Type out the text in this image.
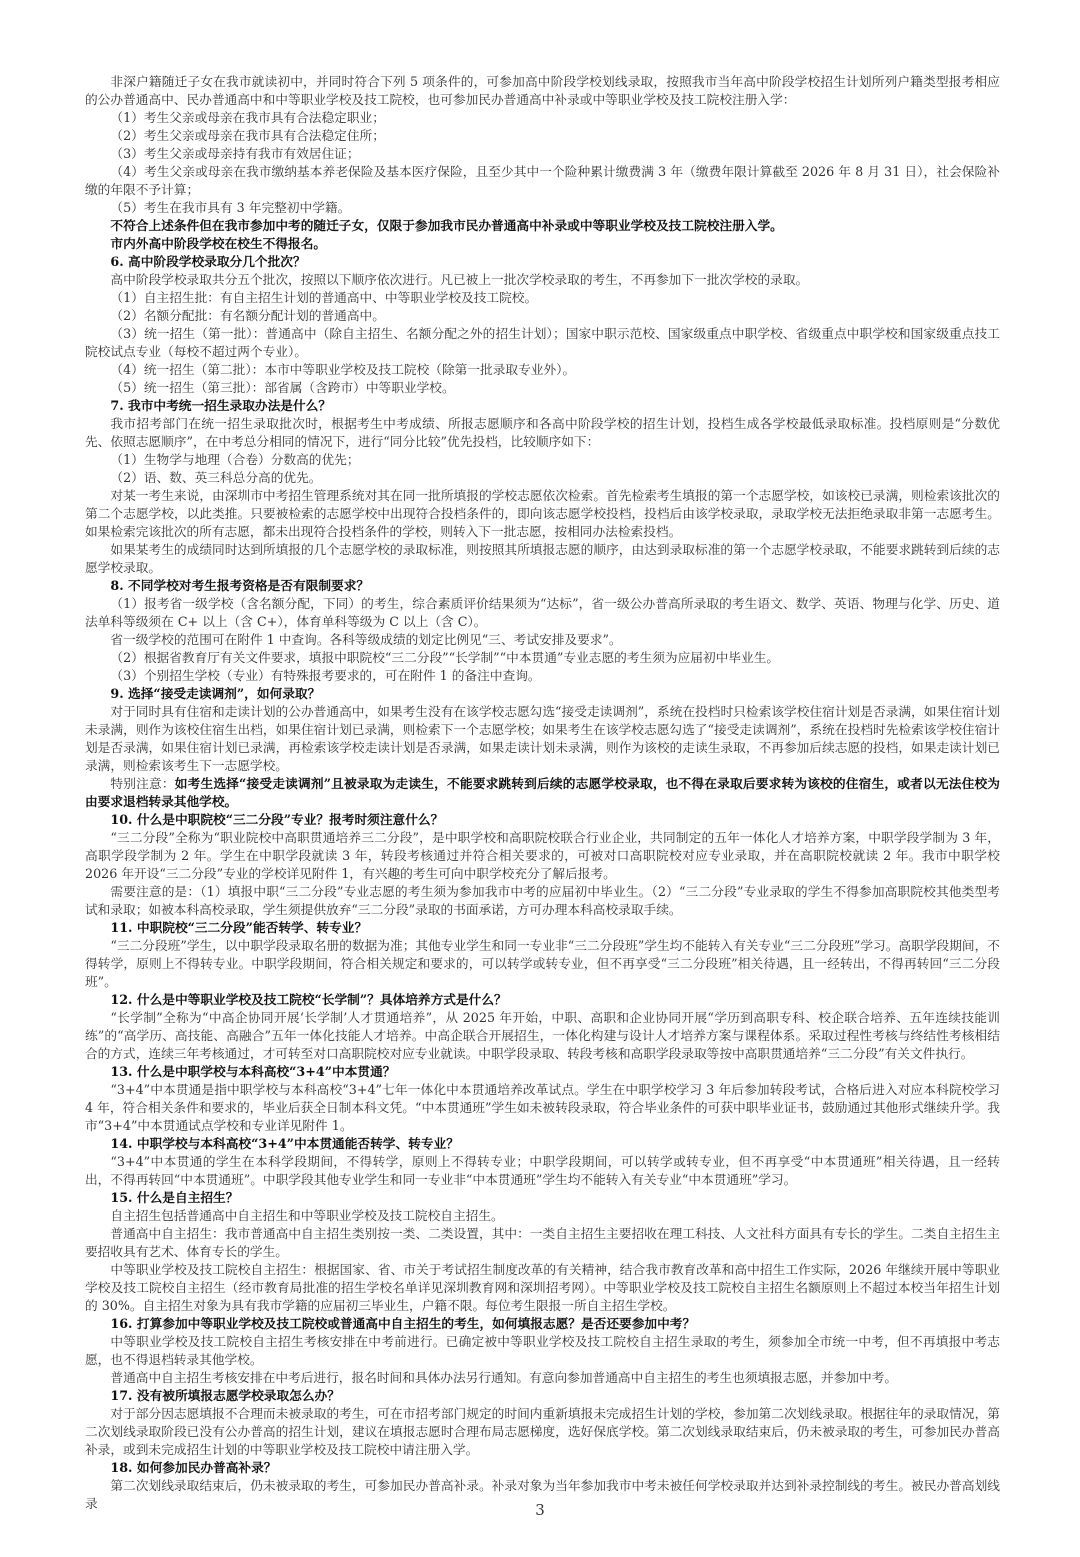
非深户籍随迁子女在我市就读初中，并同时符合下列 5 项条件的，可参加高中阶段学校划线录取，按照我市当年高中阶段学校招生计划所列户籍类型报考相应的公办普通高中、民办普通高中和中等职业学校及技工院校，也可参加民办普通高中补录或中等职业学校及技工院校注册入学：

（1）考生父亲或母亲在我市具有合法稳定职业；

（2）考生父亲或母亲在我市具有合法稳定住所；

（3）考生父亲或母亲持有我市有效居住证；

（4）考生父亲或母亲在我市缴纳基本养老保险及基本医疗保险，且至少其中一个险种累计缴费满 3 年（缴费年限计算截至 2026 年 8 月 31 日），社会保险补缴的年限不予计算；

（5）考生在我市具有 3 年完整初中学籍。

不符合上述条件但在我市参加中考的随迁子女，仅限于参加我市民办普通高中补录或中等职业学校及技工院校注册入学。

市内外高中阶段学校在校生不得报名。

6. 高中阶段学校录取分几个批次？

高中阶段学校录取共分五个批次，按照以下顺序依次进行。凡已被上一批次学校录取的考生，不再参加下一批次学校的录取。

（1）自主招生批：有自主招生计划的普通高中、中等职业学校及技工院校。

（2）名额分配批：有名额分配计划的普通高中。

（3）统一招生（第一批）：普通高中（除自主招生、名额分配之外的招生计划）；国家中职示范校、国家级重点中职学校、省级重点中职学校和国家级重点技工院校试点专业（每校不超过两个专业）。

（4）统一招生（第二批）：本市中等职业学校及技工院校（除第一批录取专业外）。

（5）统一招生（第三批）：部省属（含跨市）中等职业学校。

7. 我市中考统一招生录取办法是什么？

我市招考部门在统一招生录取批次时，根据考生中考成绩、所报志愿顺序和各高中阶段学校的招生计划，投档生成各学校最低录取标准。投档原则是“分数优先、依照志愿顺序”，在中考总分相同的情况下，进行“同分比较”优先投档，比较顺序如下：

（1）生物学与地理（合卷）分数高的优先；

（2）语、数、英三科总分高的优先。

对某一考生来说，由深圳市中考招生管理系统对其在同一批所填报的学校志愿依次检索。首先检索考生填报的第一个志愿学校，如该校已录满，则检索该批次的第二个志愿学校，以此类推。只要被检索的志愿学校中出现符合投档条件的，即向该志愿学校投档，投档后由该学校录取，录取学校无法拒绝录取非第一志愿考生。如果检索完该批次的所有志愿，都未出现符合投档条件的学校，则转入下一批志愿，按相同办法检索投档。

如果某考生的成绩同时达到所填报的几个志愿学校的录取标准，则按照其所填报志愿的顺序，由达到录取标准的第一个志愿学校录取，不能要求跳转到后续的志愿学校录取。

8. 不同学校对考生报考资格是否有限制要求？

（1）报考省一级学校（含名额分配，下同）的考生，综合素质评价结果须为“达标”，省一级公办普高所录取的考生语文、数学、英语、物理与化学、历史、道法单科等级须在 C+ 以上（含 C+），体育单科等级为 C 以上（含 C）。

省一级学校的范围可在附件 1 中查询。各科等级成绩的划定比例见“三、考试安排及要求”。

（2）根据省教育厅有关文件要求，填报中职院校“三二分段”“长学制”“中本贯通”专业志愿的考生须为应届初中毕业生。

（3）个别招生学校（专业）有特殊报考要求的，可在附件 1 的备注中查询。

9. 选择“接受走读调剂”，如何录取？

对于同时具有住宿和走读计划的公办普通高中，如果考生没有在该学校志愿勾选“接受走读调剂”，系统在投档时只检索该学校住宿计划是否录满，如果住宿计划未录满，则作为该校住宿生出档，如果住宿计划已录满，则检索下一个志愿学校；如果考生在该学校志愿勾选了“接受走读调剂”，系统在投档时先检索该学校住宿计划是否录满，如果住宿计划已录满，再检索该学校走读计划是否录满，如果走读计划未录满，则作为该校的走读生录取，不再参加后续志愿的投档，如果走读计划已录满，则检索该考生下一志愿学校。

特别注意：如考生选择“接受走读调剂”且被录取为走读生，不能要求跳转到后续的志愿学校录取，也不得在录取后要求转为该校的住宿生，或者以无法住校为由要求退档转录其他学校。

10. 什么是中职院校“三二分段”专业？报考时须注意什么？

“三二分段”全称为“职业院校中高职贯通培养三二分段”，是中职学校和高职院校联合行业企业，共同制定的五年一体化人才培养方案，中职学段学制为 3 年，高职学段学制为 2 年。学生在中职学段就读 3 年，转段考核通过并符合相关要求的，可被对口高职院校对应专业录取，并在高职院校就读 2 年。我市中职学校 2026 年开设“三二分段”专业的学校详见附件 1，有兴趣的考生可向中职学校充分了解后报考。

需要注意的是：（1）填报中职“三二分段”专业志愿的考生须为参加我市中考的应届初中毕业生。（2）“三二分段”专业录取的学生不得参加高职院校其他类型考试和录取；如被本科高校录取，学生须提供放弃“三二分段”录取的书面承诺，方可办理本科高校录取手续。

11. 中职院校“三二分段”能否转学、转专业？

“三二分段班”学生，以中职学段录取名册的数据为准；其他专业学生和同一专业非“三二分段班”学生均不能转入有关专业“三二分段班”学习。高职学段期间，不得转学，原则上不得转专业。中职学段期间，符合相关规定和要求的，可以转学或转专业，但不再享受“三二分段班”相关待遇，且一经转出，不得再转回“三二分段班”。

12. 什么是中等职业学校及技工院校“长学制”？具体培养方式是什么？

“长学制”全称为“中高企协同开展‘长学制’人才贯通培养”，从 2025 年开始，中职、高职和企业协同开展“学历到高职专科、校企联合培养、五年连续技能训练”的“高学历、高技能、高融合”五年一体化技能人才培养。中高企联合开展招生，一体化构建与设计人才培养方案与课程体系。采取过程性考核与终结性考核相结合的方式，连续三年考核通过，才可转至对口高职院校对应专业就读。中职学段录取、转段考核和高职学段录取等按中高职贯通培养“三二分段”有关文件执行。

13. 什么是中职学校与本科高校“3+4”中本贯通？

“3+4”中本贯通是指中职学校与本科高校“3+4”七年一体化中本贯通培养改革试点。学生在中职学校学习 3 年后参加转段考试，合格后进入对应本科院校学习 4 年，符合相关条件和要求的，毕业后获全日制本科文凭。“中本贯通班”学生如未被转段录取，符合毕业条件的可获中职毕业证书，鼓励通过其他形式继续升学。我市“3+4”中本贯通试点学校和专业详见附件 1。

14. 中职学校与本科高校“3+4”中本贯通能否转学、转专业？

“3+4”中本贯通的学生在本科学段期间，不得转学，原则上不得转专业；中职学段期间，可以转学或转专业，但不再享受“中本贯通班”相关待遇，且一经转出，不得再转回“中本贯通班”。中职学段其他专业学生和同一专业非“中本贯通班”学生均不能转入有关专业“中本贯通班”学习。

15. 什么是自主招生？

自主招生包括普通高中自主招生和中等职业学校及技工院校自主招生。

普通高中自主招生：我市普通高中自主招生类别按一类、二类设置，其中：一类自主招生主要招收在理工科技、人文社科方面具有专长的学生。二类自主招生主要招收具有艺术、体育专长的学生。

中等职业学校及技工院校自主招生：根据国家、省、市关于考试招生制度改革的有关精神，结合我市教育改革和高中招生工作实际，2026 年继续开展中等职业学校及技工院校自主招生（经市教育局批准的招生学校名单详见深圳教育网和深圳招考网）。中等职业学校及技工院校自主招生名额原则上不超过本校当年招生计划的 30%。自主招生对象为具有我市学籍的应届初三毕业生，户籍不限。每位考生限报一所自主招生学校。

16. 打算参加中等职业学校及技工院校或普通高中自主招生的考生，如何填报志愿？是否还要参加中考？

中等职业学校及技工院校自主招生考核安排在中考前进行。已确定被中等职业学校及技工院校自主招生录取的考生，须参加全市统一中考，但不再填报中考志愿，也不得退档转录其他学校。

普通高中自主招生考核安排在中考后进行，报名时间和具体办法另行通知。有意向参加普通高中自主招生的考生也须填报志愿，并参加中考。

17. 没有被所填报志愿学校录取怎么办？

对于部分因志愿填报不合理而未被录取的考生，可在市招考部门规定的时间内重新填报未完成招生计划的学校，参加第二次划线录取。根据往年的录取情况，第二次划线录取阶段已没有公办普高的招生计划，建议在填报志愿时合理布局志愿梯度，选好保底学校。第二次划线录取结束后，仍未被录取的考生，可参加民办普高补录，或到未完成招生计划的中等职业学校及技工院校中请注册入学。

18. 如何参加民办普高补录？

第二次划线录取结束后，仍未被录取的考生，可参加民办普高补录。补录对象为当年参加我市中考未被任何学校录取并达到补录控制线的考生。被民办普高划线录	3
